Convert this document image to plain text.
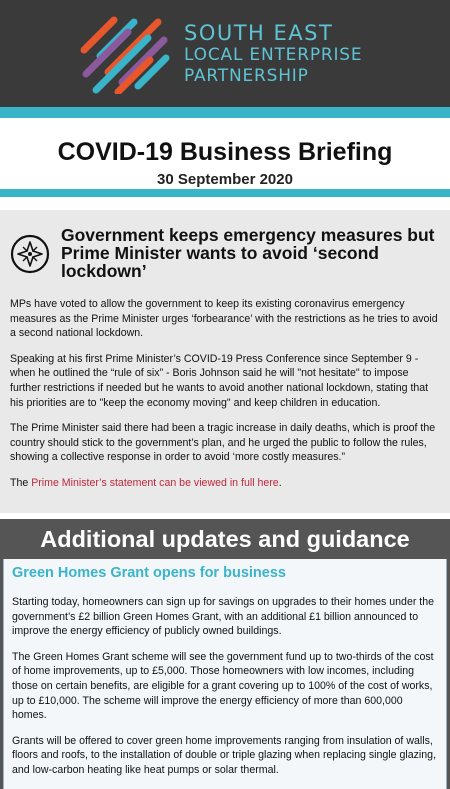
SOUTH EAST
LOCAL ENTERPRISE
PARTNERSHIP
COVID-19 Business Briefing
30 September 2020
Government keeps emergency measures but Prime Minister wants to avoid ‘second lockdown’

MPs have voted to allow the government to keep its existing coronavirus emergency measures as the Prime Minister urges ‘forbearance’ with the restrictions as he tries to avoid a second national lockdown.

Speaking at his first Prime Minister’s COVID-19 Press Conference since September 9 - when he outlined the “rule of six” - Boris Johnson said he will "not hesitate" to impose further restrictions if needed but he wants to avoid another national lockdown, stating that his priorities are to "keep the economy moving" and keep children in education.

The Prime Minister said there had been a tragic increase in daily deaths, which is proof the country should stick to the government’s plan, and he urged the public to follow the rules, showing a collective response in order to avoid ‘more costly measures.”

The Prime Minister’s statement can be viewed in full here.

Additional updates and guidance
Green Homes Grant opens for business

Starting today, homeowners can sign up for savings on upgrades to their homes under the government’s £2 billion Green Homes Grant, with an additional £1 billion announced to improve the energy efficiency of publicly owned buildings.

The Green Homes Grant scheme will see the government fund up to two-thirds of the cost of home improvements, up to £5,000. Those homeowners with low incomes, including those on certain benefits, are eligible for a grant covering up to 100% of the cost of works, up to £10,000. The scheme will improve the energy efficiency of more than 600,000 homes.

Grants will be offered to cover green home improvements ranging from insulation of walls, floors and roofs, to the installation of double or triple glazing when replacing single glazing, and low-carbon heating like heat pumps or solar thermal.
